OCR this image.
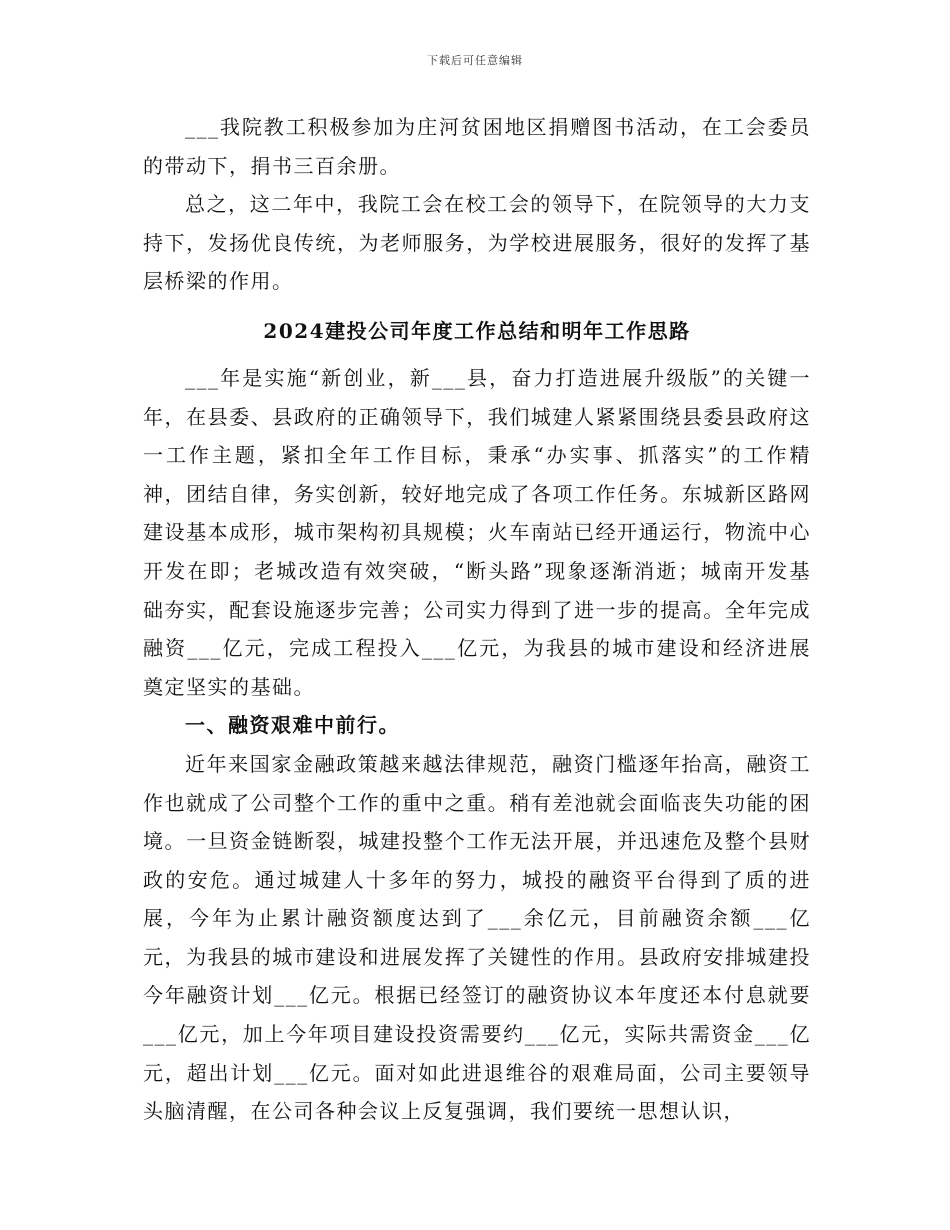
下载后可任意编辑

___我院教工积极参加为庄河贫困地区捐赠图书活动，在工会委员的带动下，捐书三百余册。

总之，这二年中，我院工会在校工会的领导下，在院领导的大力支持下，发扬优良传统，为老师服务，为学校进展服务，很好的发挥了基层桥梁的作用。

2024建投公司年度工作总结和明年工作思路

___年是实施“新创业，新___县，奋力打造进展升级版”的关键一年，在县委、县政府的正确领导下，我们城建人紧紧围绕县委县政府这一工作主题，紧扣全年工作目标，秉承“办实事、抓落实”的工作精神，团结自律，务实创新，较好地完成了各项工作任务。东城新区路网建设基本成形，城市架构初具规模；火车南站已经开通运行，物流中心开发在即；老城改造有效突破，“断头路”现象逐渐消逝；城南开发基础夯实，配套设施逐步完善；公司实力得到了进一步的提高。全年完成融资___亿元，完成工程投入___亿元，为我县的城市建设和经济进展奠定坚实的基础。

一、融资艰难中前行。

近年来国家金融政策越来越法律规范，融资门槛逐年抬高，融资工作也就成了公司整个工作的重中之重。稍有差池就会面临丧失功能的困境。一旦资金链断裂，城建投整个工作无法开展，并迅速危及整个县财政的安危。通过城建人十多年的努力，城投的融资平台得到了质的进展，今年为止累计融资额度达到了___余亿元，目前融资余额___亿元，为我县的城市建设和进展发挥了关键性的作用。县政府安排城建投今年融资计划___亿元。根据已经签订的融资协议本年度还本付息就要___亿元，加上今年项目建设投资需要约___亿元，实际共需资金___亿元，超出计划___亿元。面对如此进退维谷的艰难局面，公司主要领导头脑清醒，在公司各种会议上反复强调，我们要统一思想认识，
